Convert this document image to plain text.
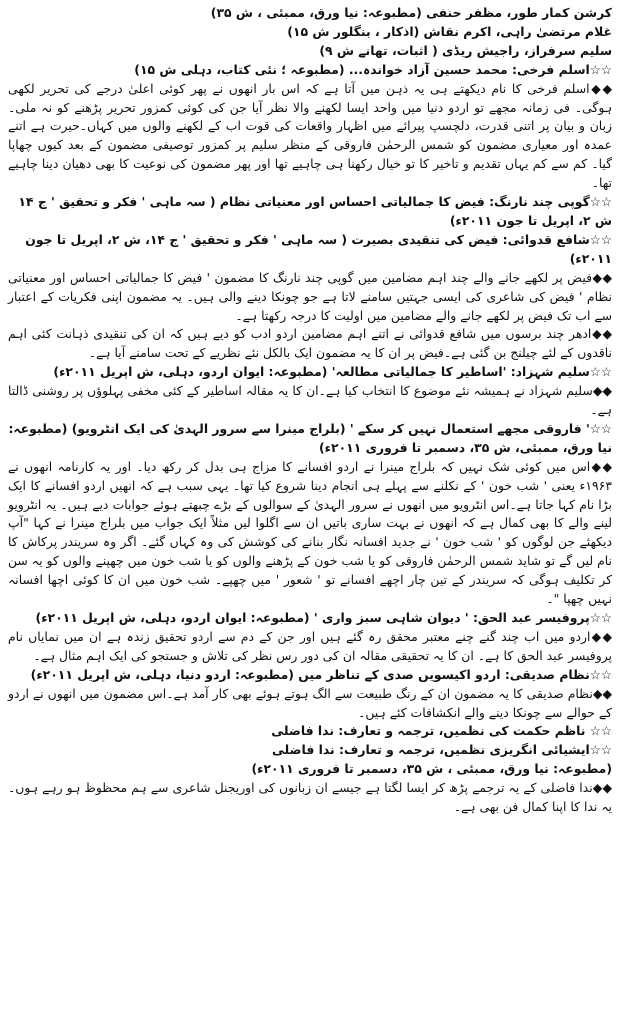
کرشن کمار طور، مظفر حنفی (مطبوعہ: نیا ورق، ممبئی ، ش ۳۵)
غلام مرتضیٰ راہی، اکرم نقاش (اذکار ، بنگلور ش ۱۵)
سلیم سرفراز، راجیش ریڈی ( اثبات، تھانے ش ۹)
☆☆اسلم فرخی: محمد حسین آزاد خواندہ... (مطبوعہ ؛ نئی کتاب، دہلی ش ۱۵)
◆◆اسلم فرخی کا نام دیکھتے ہی یہ ذہن میں آتا ہے کہ اس بار انھوں نے پھر کوئی اعلیٰ درجے کی تحریر لکھی ہوگی۔ فی زمانہ مجھے تو اردو دنیا میں واحد ایسا لکھنے والا نظر آیا جن کی کوئی کمزور تحریر پڑھنے کو نہ ملی۔ زبان و بیان پر اتنی قدرت، دلچسپ پیرائے میں اظہار واقعات کی قوت اب کے لکھنے والوں میں کہاں۔حیرت ہے اتنے عمدہ اور معیاری مضمون کو شمس الرحمٰن فاروقی کے منظر سلیم پر کمزور توصیفی مضمون کے بعد کیوں چھاپا گیا۔ کم سے کم یہاں تقدیم و تاخیر کا تو خیال رکھنا ہی چاہیے تھا اور پھر مضمون کی نوعیت کا بھی دھیان دینا چاہیے تھا۔
☆☆گوپی چند نارنگ: فیض کا جمالیاتی احساس اور معنیاتی نظام ( سہ ماہی ' فکر و تحقیق ' ج ۱۴ ش ۲، اپریل تا جون ۲۰۱۱ء)
☆☆شافع قدوائی: فیض کی تنقیدی بصیرت ( سہ ماہی ' فکر و تحقیق ' ج ۱۴، ش ۲، اپریل تا جون ۲۰۱۱ء)
◆◆فیض پر لکھے جانے والے چند اہم مضامین میں گوپی چند نارنگ کا مضمون ' فیض کا جمالیاتی احساس اور معنیاتی نظام ' فیض کی شاعری کی ایسی جہتیں سامنے لاتا ہے جو چونکا دینے والی ہیں۔ یہ مضمون اپنی فکریات کے اعتبار سے اب تک فیض پر لکھے جانے والے مضامین میں اولیت کا درجہ رکھتا ہے۔
◆◆ادھر چند برسوں میں شافع قدوائی نے اتنے اہم مضامین اردو ادب کو دیے ہیں کہ ان کی تنقیدی ذہانت کئی اہم ناقدوں کے لئے چیلنج بن گئی ہے۔فیض پر ان کا یہ مضمون ایک بالکل نئے نظریے کے تحت سامنے آیا ہے۔
☆☆سلیم شہزاد: 'اساطیر کا جمالیاتی مطالعہ' (مطبوعہ: ایوان اردو، دہلی، ش اپریل ۲۰۱۱ء)
◆◆سلیم شہزاد نے ہمیشہ نئے موضوع کا انتخاب کیا ہے۔ان کا یہ مقالہ اساطیر کے کئی مخفی پہلوؤں پر روشنی ڈالتا ہے۔
☆☆' فاروقی مجھے استعمال نہیں کر سکے ' (بلراج مینرا سے سرور الہدیٰ کی ایک انٹرویو) (مطبوعہ: نیا ورق، ممبئی، ش ۳۵، دسمبر تا فروری ۲۰۱۱ء)
◆◆اس میں کوئی شک نہیں کہ بلراج مینرا نے اردو افسانے کا مزاج ہی بدل کر رکھ دیا۔ اور یہ کارنامہ انھوں نے ۱۹۶۳ء یعنی ' شب خون ' کے نکلنے سے پہلے ہی انجام دینا شروع کیا تھا۔ یہی سبب ہے کہ انھیں اردو افسانے کا ایک بڑا نام کہا جاتا ہے۔اس انٹرویو میں انھوں نے سرور الہدیٰ کے سوالوں کے بڑے چبھتے ہوئے جوابات دیے ہیں۔ یہ انٹرویو لینے والے کا بھی کمال ہے کہ انھوں نے بہت ساری باتیں ان سے اگلوا لیں مثلاً ایک جواب میں بلراج مینرا نے کہا "آپ دیکھئے جن لوگوں کو ' شب خون ' نے جدید افسانہ نگار بنانے کی کوشش کی وہ کہاں گئے۔ اگر وہ سریندر پرکاش کا نام لیں گے تو شاید شمس الرحمٰن فاروقی کو یا شب خون کے پڑھنے والوں کو یا شب خون میں چھپنے والوں کو یہ سن کر تکلیف ہوگی کہ سریندر کے تین چار اچھے افسانے تو ' شعور ' میں چھپے۔ شب خون میں ان کا کوئی اچھا افسانہ نہیں چھپا "۔
☆☆پروفیسر عبد الحق: ' دیوان شاہی سبز واری ' (مطبوعہ: ایوان اردو، دہلی، ش اپریل ۲۰۱۱ء)
◆◆اردو میں اب چند گنے چنے معتبر محقق رہ گئے ہیں اور جن کے دم سے اردو تحقیق زندہ ہے ان میں نمایاں نام پروفیسر عبد الحق کا ہے۔ ان کا یہ تحقیقی مقالہ ان کی دور رس نظر کی تلاش و جستجو کی ایک اہم مثال ہے۔
☆☆نظام صدیقی: اردو اکیسویں صدی کے تناظر میں (مطبوعہ: اردو دنیا، دہلی، ش اپریل ۲۰۱۱ء)
◆◆نظام صدیقی کا یہ مضمون ان کے رنگ طبیعت سے الگ ہوتے ہوئے بھی کار آمد ہے۔اس مضمون میں انھوں نے اردو کے حوالے سے چونکا دینے والے انکشافات کئے ہیں۔
☆☆ ناظم حکمت کی نظمیں، ترجمہ و تعارف: ندا فاضلی
☆☆ایشیائی انگریزی نظمیں، ترجمہ و تعارف: ندا فاضلی
(مطبوعہ: نیا ورق، ممبئی ، ش ۳۵، دسمبر تا فروری ۲۰۱۱ء)
◆◆ندا فاضلی کے یہ ترجمے پڑھ کر ایسا لگتا ہے جیسے ان زبانوں کی اوریجنل شاعری سے ہم محظوظ ہو رہے ہوں۔ یہ ندا کا اپنا کمال فن بھی ہے۔
